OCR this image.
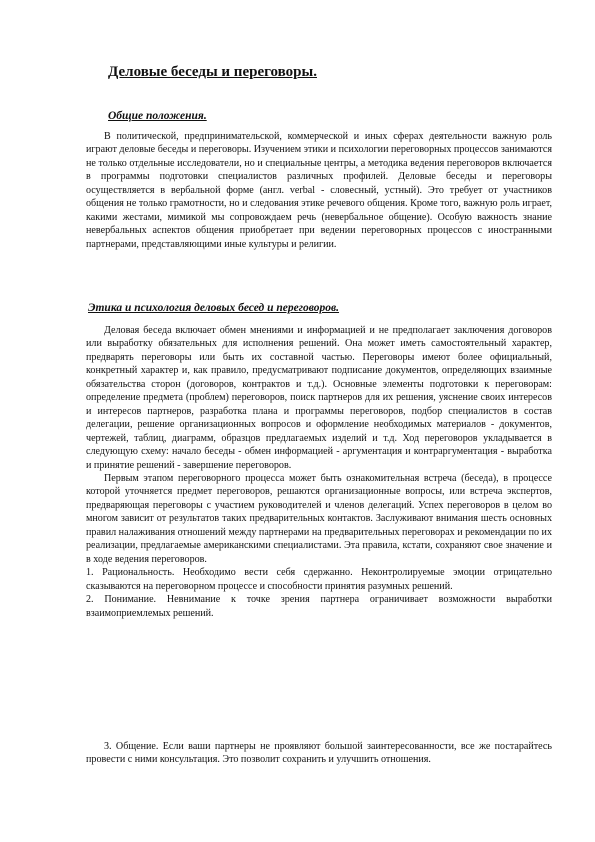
Деловые беседы и переговоры.
Общие положения.

В политической, предпринимательской, коммерческой и иных сферах деятельности важную роль играют деловые беседы и переговоры. Изучением этики и психологии переговорных процессов занимаются не только отдельные исследователи, но и специальные центры, а методика ведения переговоров включается в программы подготовки специалистов различных профилей. Деловые беседы и переговоры осуществляется в вербальной форме (англ. verbal - словесный, устный). Это требует от участников общения не только грамотности, но и следования этике речевого общения. Кроме того, важную роль играет, какими жестами, мимикой мы сопровождаем речь (невербальное общение). Особую важность знание невербальных аспектов общения приобретает при ведении переговорных процессов с иностранными партнерами, представляющими иные культуры и религии.

Этика и психология деловых бесед и переговоров.

Деловая беседа включает обмен мнениями и информацией и не предполагает заключения договоров или выработку обязательных для исполнения решений. Она может иметь самостоятельный характер, предварять переговоры или быть их составной частью. Переговоры имеют более официальный, конкретный характер и, как правило, предусматривают подписание документов, определяющих взаимные обязательства сторон (договоров, контрактов и т.д.). Основные элементы подготовки к переговорам: определение предмета (проблем) переговоров, поиск партнеров для их решения, уяснение своих интересов и интересов партнеров, разработка плана и программы переговоров, подбор специалистов в состав делегации, решение организационных вопросов и оформление необходимых материалов - документов, чертежей, таблиц, диаграмм, образцов предлагаемых изделий и т.д. Ход переговоров укладывается в следующую схему: начало беседы - обмен информацией - аргументация и контраргументация - выработка и принятие решений - завершение переговоров.

Первым этапом переговорного процесса может быть ознакомительная встреча (беседа), в процессе которой уточняется предмет переговоров, решаются организационные вопросы, или встреча экспертов, предваряющая переговоры с участием руководителей и членов делегаций. Успех переговоров в целом во многом зависит от результатов таких предварительных контактов. Заслуживают внимания шесть основных правил налаживания отношений между партнерами на предварительных переговорах и рекомендации по их реализации, предлагаемые американскими специалистами. Эта правила, кстати, сохраняют свое значение и в ходе ведения переговоров.

1. Рациональность. Необходимо вести себя сдержанно. Неконтролируемые эмоции отрицательно сказываются на переговорном процессе и способности принятия разумных решений.

2. Понимание. Невнимание к точке зрения партнера ограничивает возможности выработки взаимоприемлемых решений.

3. Общение. Если ваши партнеры не проявляют большой заинтересованности, все же постарайтесь провести с ними консультация. Это позволит сохранить и улучшить отношения.
